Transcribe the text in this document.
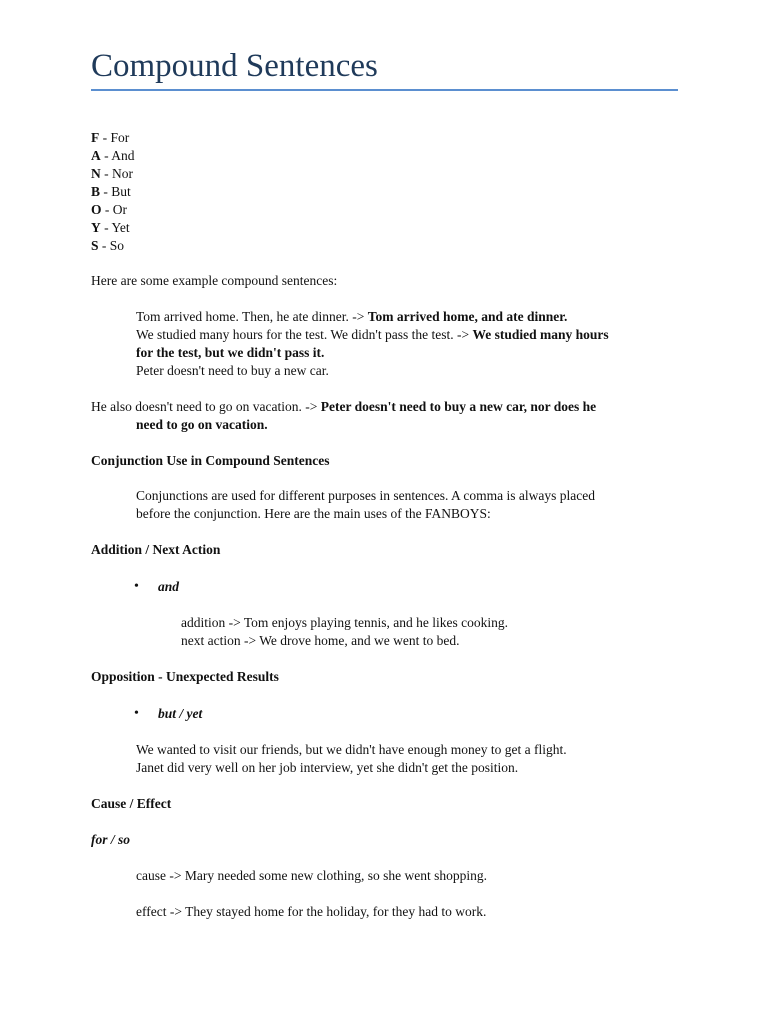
Compound Sentences
F - For
A - And
N - Nor
B - But
O - Or
Y - Yet
S - So
Here are some example compound sentences:
Tom arrived home. Then, he ate dinner. -> Tom arrived home, and ate dinner.
We studied many hours for the test. We didn't pass the test. -> We studied many hours
for the test, but we didn't pass it.
Peter doesn't need to buy a new car.
He also doesn't need to go on vacation. -> Peter doesn't need to buy a new car, nor does he
need to go on vacation.
Conjunction Use in Compound Sentences
Conjunctions are used for different purposes in sentences. A comma is always placed
before the conjunction. Here are the main uses of the FANBOYS:
Addition / Next Action
• and
addition -> Tom enjoys playing tennis, and he likes cooking.
next action -> We drove home, and we went to bed.
Opposition - Unexpected Results
• but / yet
We wanted to visit our friends, but we didn't have enough money to get a flight.
Janet did very well on her job interview, yet she didn't get the position.
Cause / Effect
for / so
cause -> Mary needed some new clothing, so she went shopping.
effect -> They stayed home for the holiday, for they had to work.
